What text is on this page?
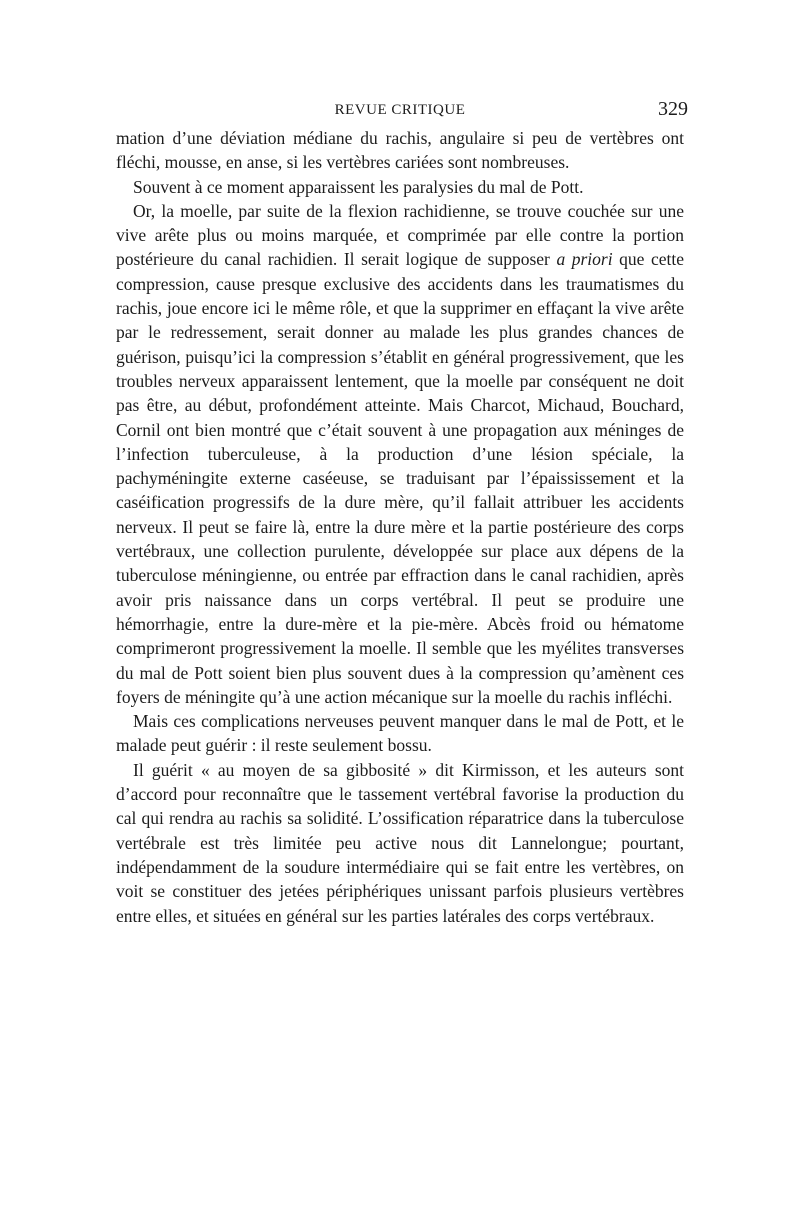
REVUE CRITIQUE	329

mation d’une déviation médiane du rachis, angulaire si peu de vertèbres ont fléchi, mousse, en anse, si les vertèbres cariées sont nombreuses.

Souvent à ce moment apparaissent les paralysies du mal de Pott.

Or, la moelle, par suite de la flexion rachidienne, se trouve couchée sur une vive arête plus ou moins marquée, et comprimée par elle contre la portion postérieure du canal rachidien. Il serait logique de supposer a priori que cette compression, cause presque exclusive des accidents dans les traumatismes du rachis, joue encore ici le même rôle, et que la supprimer en effaçant la vive arête par le redressement, serait donner au malade les plus grandes chances de guérison, puisqu’ici la compression s’établit en général progressivement, que les troubles nerveux apparaissent lentement, que la moelle par conséquent ne doit pas être, au début, profondément atteinte. Mais Charcot, Michaud, Bouchard, Cornil ont bien montré que c’était souvent à une propagation aux méninges de l’infection tuberculeuse, à la production d’une lésion spéciale, la pachyméningite externe caséeuse, se traduisant par l’épaississement et la caséification progressifs de la dure mère, qu’il fallait attribuer les accidents nerveux. Il peut se faire là, entre la dure mère et la partie postérieure des corps vertébraux, une collection purulente, développée sur place aux dépens de la tuberculose méningienne, ou entrée par effraction dans le canal rachidien, après avoir pris naissance dans un corps vertébral. Il peut se produire une hémorrhagie, entre la dure-mère et la pie-mère. Abcès froid ou hématome comprimeront progressivement la moelle. Il semble que les myélites transverses du mal de Pott soient bien plus souvent dues à la compression qu’amènent ces foyers de méningite qu’à une action mécanique sur la moelle du rachis infléchi.

Mais ces complications nerveuses peuvent manquer dans le mal de Pott, et le malade peut guérir : il reste seulement bossu.

Il guérit « au moyen de sa gibbosité » dit Kirmisson, et les auteurs sont d’accord pour reconnaître que le tassement vertébral favorise la production du cal qui rendra au rachis sa solidité. L’ossification réparatrice dans la tuberculose vertébrale est très limitée peu active nous dit Lannelongue; pourtant, indépendamment de la soudure intermédiaire qui se fait entre les vertèbres, on voit se constituer des jetées périphériques unissant parfois plusieurs vertèbres entre elles, et situées en général sur les parties latérales des corps vertébraux.
